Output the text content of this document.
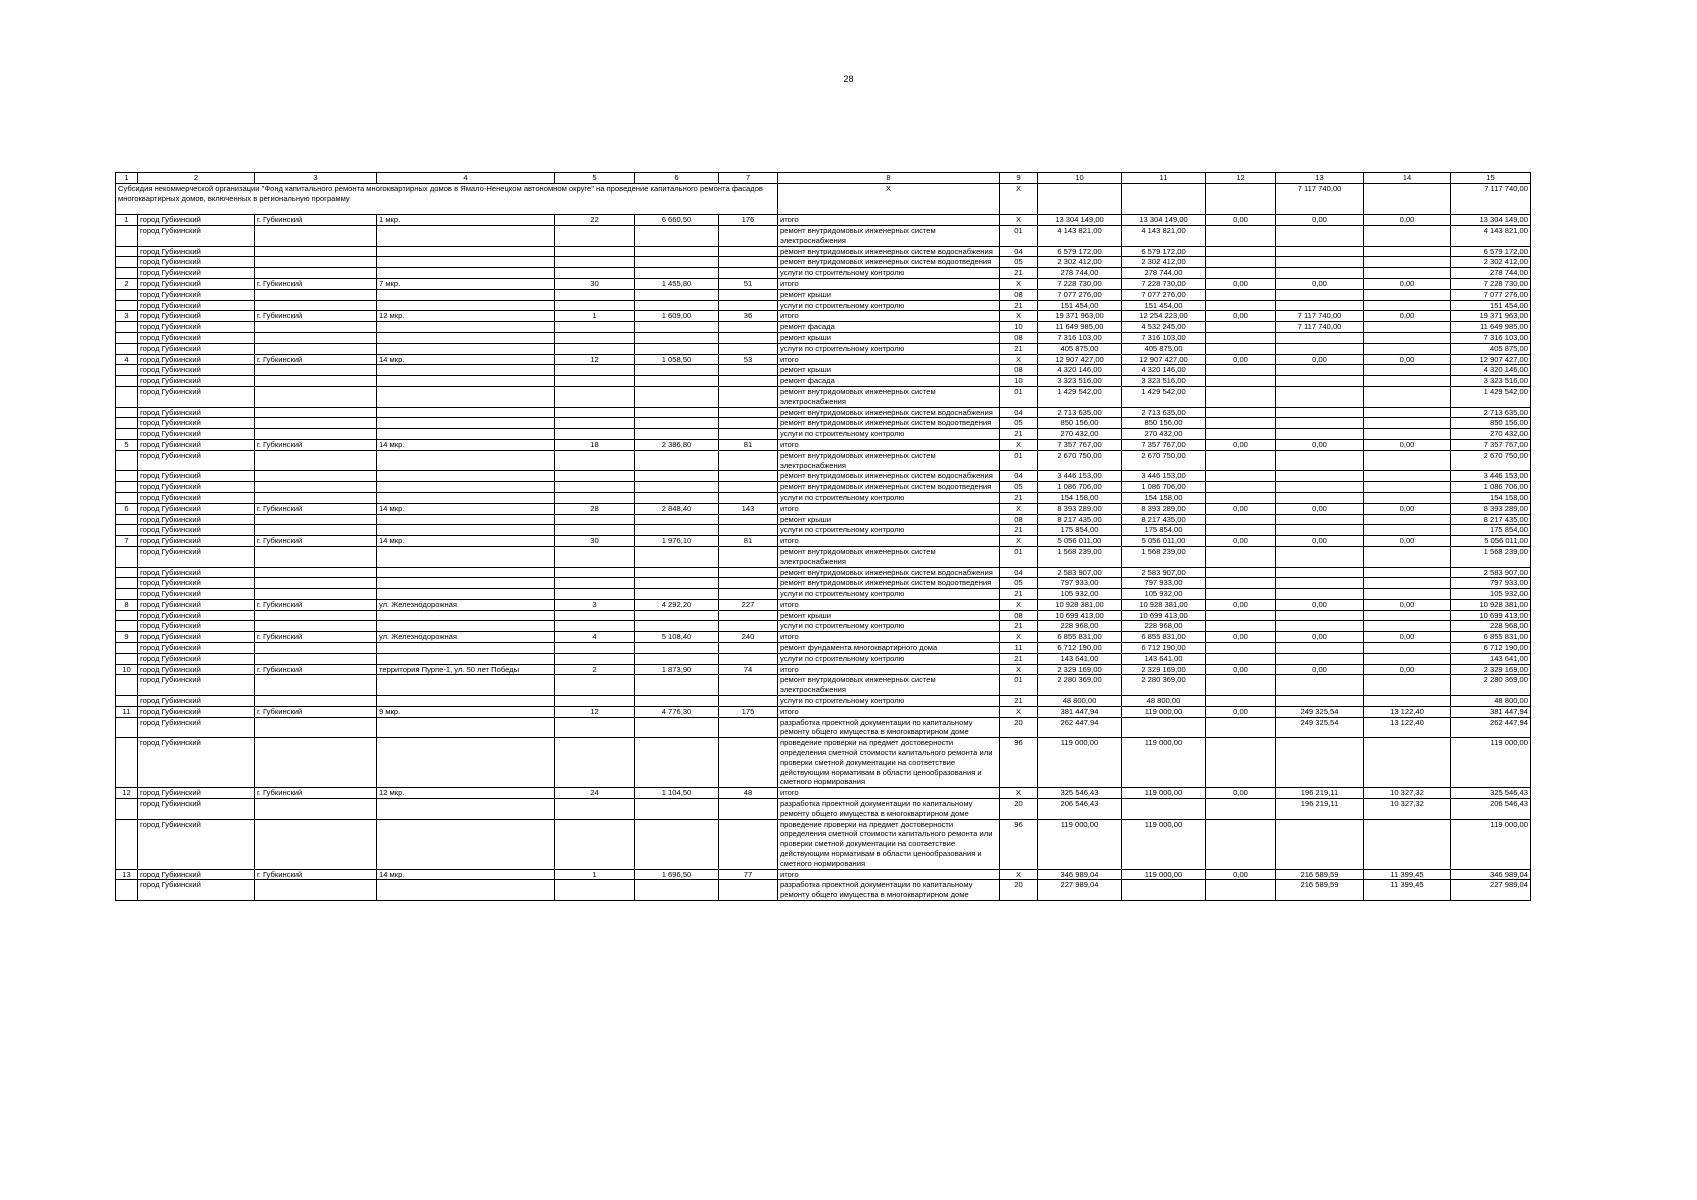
28
1	2	3	4	5	6	7	8	9	10	11	12	13	14	15
Субсидия некоммерческой организации "Фонд капитального ремонта многоквартирных домов в Ямало-Ненецком автономном округе" на проведение капитального ремонта фасадов многоквартирных домов, включенных в региональную программу							X	X				7 117 740,00		7 117 740,00
1	город Губкинский	г. Губкинский	1 мкр.	22	6 660,50	176	итого	X	13 304 149,00	13 304 149,00	0,00	0,00	0,00	13 304 149,00
	город Губкинский						ремонт внутридомовых инженерных систем электроснабжения	01	4 143 821,00	4 143 821,00				4 143 821,00
	город Губкинский						ремонт внутридомовых инженерных систем водоснабжения	04	6 579 172,00	6 579 172,00				6 579 172,00
	город Губкинский						ремонт внутридомовых инженерных систем водоотведения	05	2 302 412,00	2 302 412,00				2 302 412,00
	город Губкинский						услуги по строительному контролю	21	278 744,00	278 744,00				278 744,00
2	город Губкинский	г. Губкинский	7 мкр.	30	1 455,80	51	итого	X	7 228 730,00	7 228 730,00	0,00	0,00	0,00	7 228 730,00
	город Губкинский						ремонт крыши	08	7 077 276,00	7 077 276,00				7 077 276,00
	город Губкинский						услуги по строительному контролю	21	151 454,00	151 454,00				151 454,00
3	город Губкинский	г. Губкинский	12 мкр.	1	1 609,00	36	итого	X	19 371 963,00	12 254 223,00	0,00	7 117 740,00	0,00	19 371 963,00
	город Губкинский						ремонт фасада	10	11 649 985,00	4 532 245,00		7 117 740,00		11 649 985,00
	город Губкинский						ремонт крыши	08	7 316 103,00	7 316 103,00				7 316 103,00
	город Губкинский						услуги по строительному контролю	21	405 875,00	405 875,00				405 875,00
4	город Губкинский	г. Губкинский	14 мкр.	12	1 058,50	53	итого	X	12 907 427,00	12 907 427,00	0,00	0,00	0,00	12 907 427,00
	город Губкинский						ремонт крыши	08	4 320 146,00	4 320 146,00				4 320 146,00
	город Губкинский						ремонт фасада	10	3 323 516,00	3 323 516,00				3 323 516,00
	город Губкинский						ремонт внутридомовых инженерных систем электроснабжения	01	1 429 542,00	1 429 542,00				1 429 542,00
	город Губкинский						ремонт внутридомовых инженерных систем водоснабжения	04	2 713 635,00	2 713 635,00				2 713 635,00
	город Губкинский						ремонт внутридомовых инженерных систем водоотведения	05	850 156,00	850 156,00				850 156,00
	город Губкинский						услуги по строительному контролю	21	270 432,00	270 432,00				270 432,00
5	город Губкинский	г. Губкинский	14 мкр.	18	2 386,80	81	итого	X	7 357 767,00	7 357 767,00	0,00	0,00	0,00	7 357 767,00
	город Губкинский						ремонт внутридомовых инженерных систем электроснабжения	01	2 670 750,00	2 670 750,00				2 670 750,00
	город Губкинский						ремонт внутридомовых инженерных систем водоснабжения	04	3 446 153,00	3 446 153,00				3 446 153,00
	город Губкинский						ремонт внутридомовых инженерных систем водоотведения	05	1 086 706,00	1 086 706,00				1 086 706,00
	город Губкинский						услуги по строительному контролю	21	154 158,00	154 158,00				154 158,00
6	город Губкинский	г. Губкинский	14 мкр.	28	2 848,40	143	итого	X	8 393 289,00	8 393 289,00	0,00	0,00	0,00	8 393 289,00
	город Губкинский						ремонт крыши	08	8 217 435,00	8 217 435,00				8 217 435,00
	город Губкинский						услуги по строительному контролю	21	175 854,00	175 854,00				175 854,00
7	город Губкинский	г. Губкинский	14 мкр.	30	1 976,10	81	итого	X	5 056 011,00	5 056 011,00	0,00	0,00	0,00	5 056 011,00
	город Губкинский						ремонт внутридомовых инженерных систем электроснабжения	01	1 568 239,00	1 568 239,00				1 568 239,00
	город Губкинский						ремонт внутридомовых инженерных систем водоснабжения	04	2 583 907,00	2 583 907,00				2 583 907,00
	город Губкинский						ремонт внутридомовых инженерных систем водоотведения	05	797 933,00	797 933,00				797 933,00
	город Губкинский						услуги по строительному контролю	21	105 932,00	105 932,00				105 932,00
8	город Губкинский	г. Губкинский	ул. Железнодорожная	3	4 292,20	227	итого	X	10 928 381,00	10 928 381,00	0,00	0,00	0,00	10 928 381,00
	город Губкинский						ремонт крыши	08	10 699 413,00	10 699 413,00				10 699 413,00
	город Губкинский						услуги по строительному контролю	21	228 968,00	228 968,00				228 968,00
9	город Губкинский	г. Губкинский	ул. Железнодорожная	4	5 108,40	240	итого	X	6 855 831,00	6 855 831,00	0,00	0,00	0,00	6 855 831,00
	город Губкинский						ремонт фундамента многоквартирного дома	11	6 712 190,00	6 712 190,00				6 712 190,00
	город Губкинский						услуги по строительному контролю	21	143 641,00	143 641,00				143 641,00
10	город Губкинский	г. Губкинский	территория Пурпе-1, ул. 50 лет Победы	2	1 873,90	74	итого	X	2 329 169,00	2 329 169,00	0,00	0,00	0,00	2 329 169,00
	город Губкинский						ремонт внутридомовых инженерных систем электроснабжения	01	2 280 369,00	2 280 369,00				2 280 369,00
	город Губкинский						услуги по строительному контролю	21	48 800,00	48 800,00				48 800,00
11	город Губкинский	г. Губкинский	9 мкр.	12	4 776,30	175	итого	X	381 447,94	119 000,00	0,00	249 325,54	13 122,40	381 447,94
	город Губкинский						разработка проектной документации по капитальному ремонту общего имущества в многоквартирном доме	20	262 447,94			249 325,54	13 122,40	262 447,94
	город Губкинский						проведение проверки на предмет достоверности определения сметной стоимости капитального ремонта или проверки сметной документации на соответствие действующим нормативам в области ценообразования и сметного нормирования	96	119 000,00	119 000,00				119 000,00
12	город Губкинский	г. Губкинский	12 мкр.	24	1 104,50	48	итого	X	325 546,43	119 000,00	0,00	196 219,11	10 327,32	325 546,43
	город Губкинский						разработка проектной документации по капитальному ремонту общего имущества в многоквартирном доме	20	206 546,43			196 219,11	10 327,32	206 546,43
	город Губкинский						проведение проверки на предмет достоверности определения сметной стоимости капитального ремонта или проверки сметной документации на соответствие действующим нормативам в области ценообразования и сметного нормирования	96	119 000,00	119 000,00				119 000,00
13	город Губкинский	г. Губкинский	14 мкр.	1	1 696,50	77	итого	X	346 989,04	119 000,00	0,00	216 589,59	11 399,45	346 989,04
	город Губкинский						разработка проектной документации по капитальному ремонту общего имущества в многоквартирном доме	20	227 989,04			216 589,59	11 399,45	227 989,04
